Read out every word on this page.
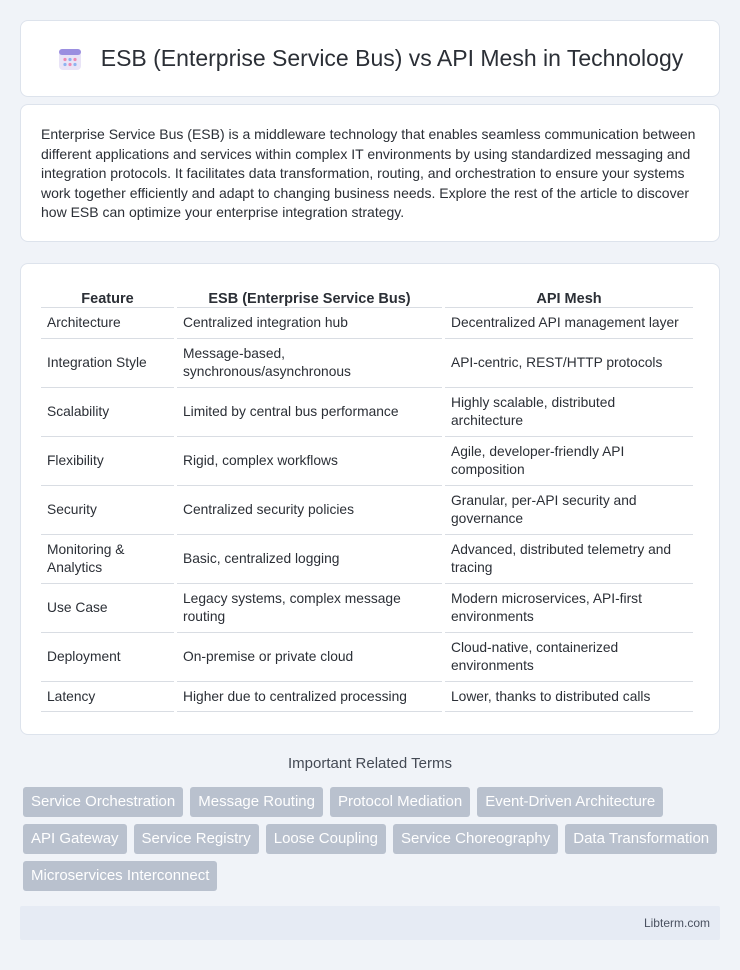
ESB (Enterprise Service Bus) vs API Mesh in Technology

Enterprise Service Bus (ESB) is a middleware technology that enables seamless communication between different applications and services within complex IT environments by using standardized messaging and integration protocols. It facilitates data transformation, routing, and orchestration to ensure your systems work together efficiently and adapt to changing business needs. Explore the rest of the article to discover how ESB can optimize your enterprise integration strategy.

Feature	ESB (Enterprise Service Bus)	API Mesh
Architecture	Centralized integration hub	Decentralized API management layer
Integration Style	Message-based, synchronous/asynchronous	API-centric, REST/HTTP protocols
Scalability	Limited by central bus performance	Highly scalable, distributed architecture
Flexibility	Rigid, complex workflows	Agile, developer-friendly API composition
Security	Centralized security policies	Granular, per-API security and governance
Monitoring & Analytics	Basic, centralized logging	Advanced, distributed telemetry and tracing
Use Case	Legacy systems, complex message routing	Modern microservices, API-first environments
Deployment	On-premise or private cloud	Cloud-native, containerized environments
Latency	Higher due to centralized processing	Lower, thanks to distributed calls
Important Related Terms
Service Orchestration	Message Routing	Protocol Mediation	Event-Driven Architecture
API Gateway	Service Registry	Loose Coupling	Service Choreography	Data Transformation
Microservices Interconnect
Libterm.com
